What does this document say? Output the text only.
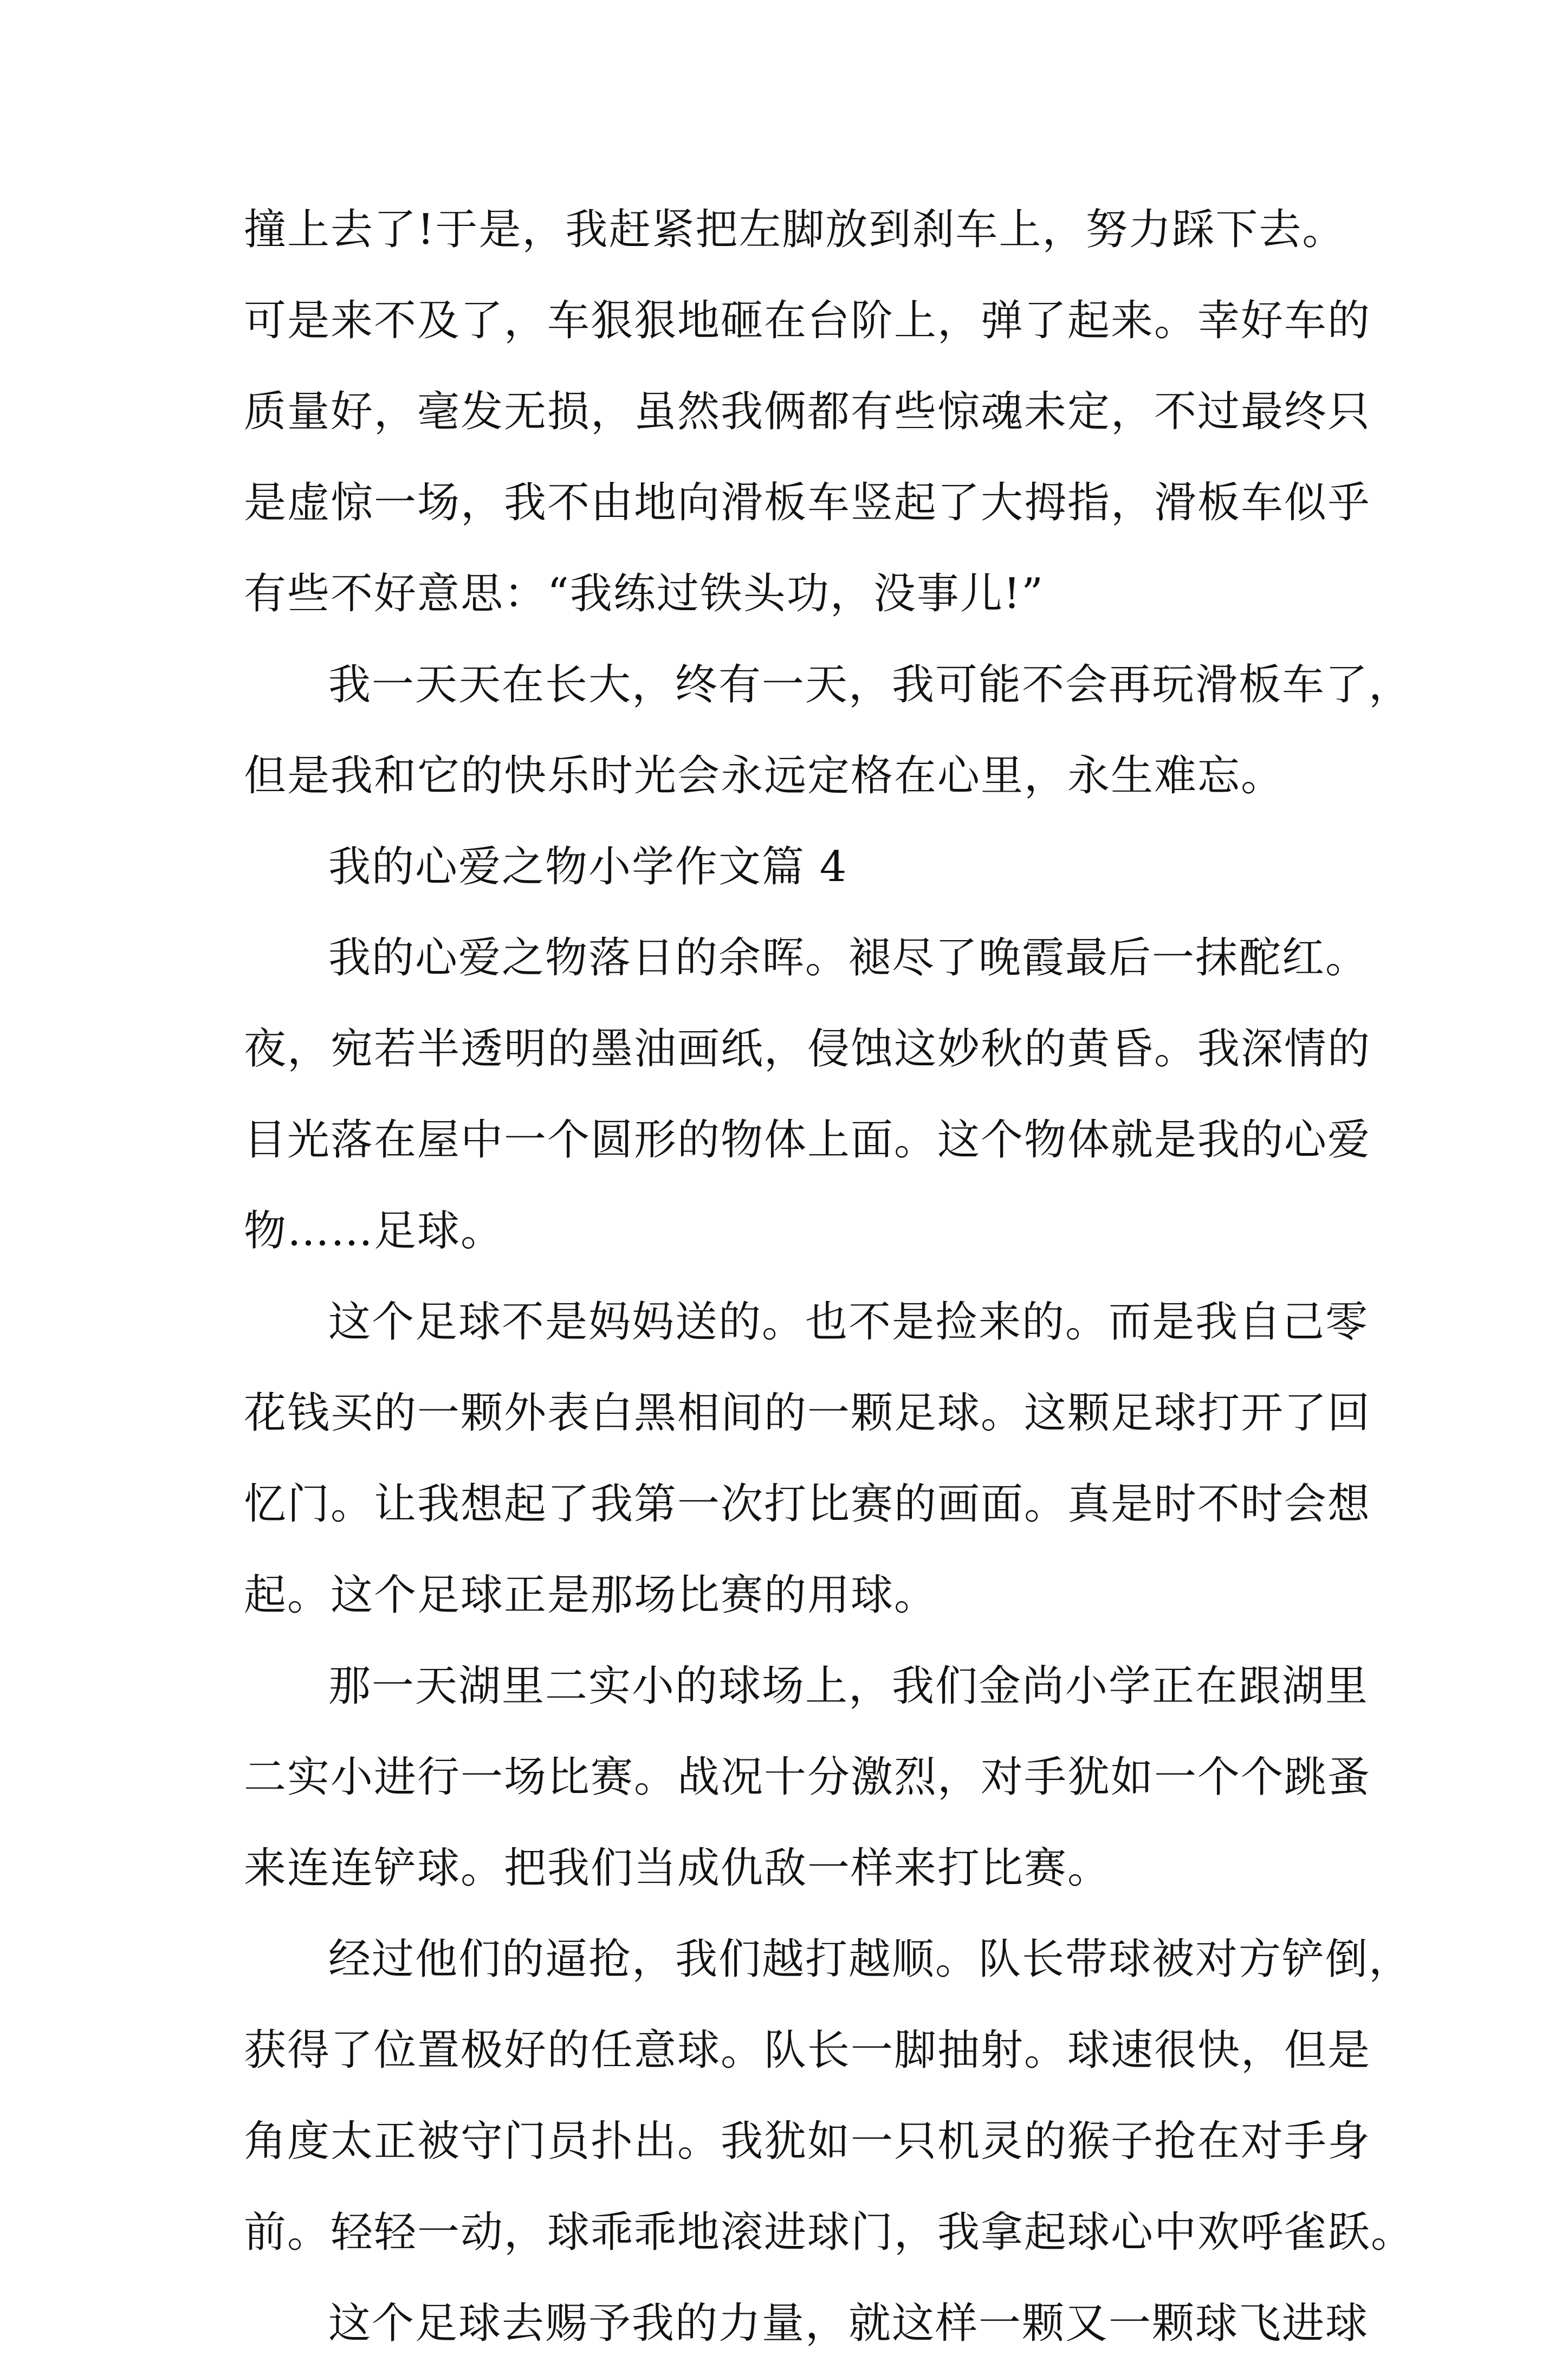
撞上去了!于是，我赶紧把左脚放到刹车上，努力踩下去。
可是来不及了，车狠狠地砸在台阶上，弹了起来。幸好车的
质量好，毫发无损，虽然我俩都有些惊魂未定，不过最终只
是虚惊一场，我不由地向滑板车竖起了大拇指，滑板车似乎
有些不好意思：“我练过铁头功，没事儿!”

我一天天在长大，终有一天，我可能不会再玩滑板车了，
但是我和它的快乐时光会永远定格在心里，永生难忘。

我的心爱之物小学作文篇 4

我的心爱之物落日的余晖。褪尽了晚霞最后一抹酡红。
夜，宛若半透明的墨油画纸，侵蚀这妙秋的黄昏。我深情的
目光落在屋中一个圆形的物体上面。这个物体就是我的心爱
物……足球。

这个足球不是妈妈送的。也不是捡来的。而是我自己零
花钱买的一颗外表白黑相间的一颗足球。这颗足球打开了回
忆门。让我想起了我第一次打比赛的画面。真是时不时会想
起。这个足球正是那场比赛的用球。

那一天湖里二实小的球场上，我们金尚小学正在跟湖里
二实小进行一场比赛。战况十分激烈，对手犹如一个个跳蚤
来连连铲球。把我们当成仇敌一样来打比赛。

经过他们的逼抢，我们越打越顺。队长带球被对方铲倒，
获得了位置极好的任意球。队长一脚抽射。球速很快，但是
角度太正被守门员扑出。我犹如一只机灵的猴子抢在对手身
前。轻轻一动，球乖乖地滚进球门，我拿起球心中欢呼雀跃。

这个足球去赐予我的力量，就这样一颗又一颗球飞进球
